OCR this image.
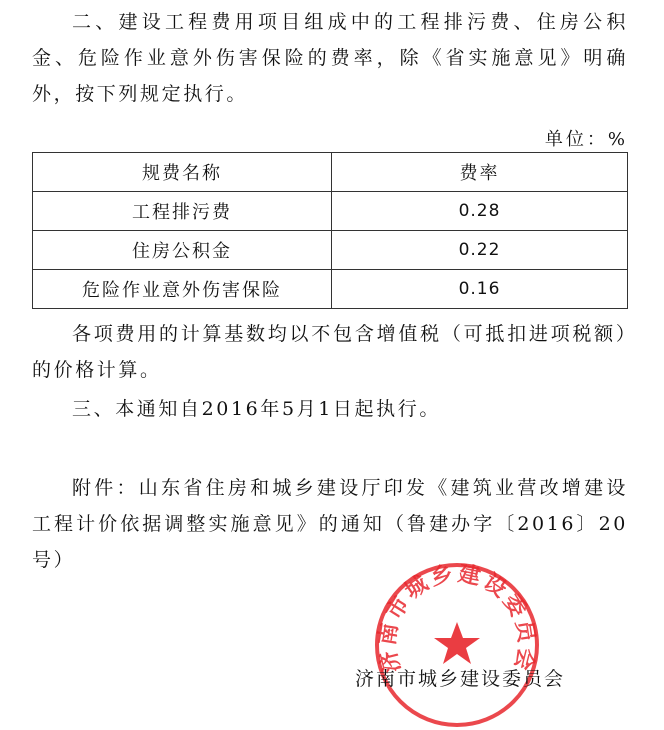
二、建设工程费用项目组成中的工程排污费、住房公积金、危险作业意外伤害保险的费率，除《省实施意见》明确外，按下列规定执行。

单位：%
规费名称	费率
工程排污费	0.28
住房公积金	0.22
危险作业意外伤害保险	0.16

各项费用的计算基数均以不包含增值税（可抵扣进项税额）的价格计算。

三、本通知自2016年5月1日起执行。

附件：山东省住房和城乡建设厅印发《建筑业营改增建设工程计价依据调整实施意见》的通知（鲁建办字〔2016〕20号）

济南市城乡建设委员会
济南市城乡建设委员会
